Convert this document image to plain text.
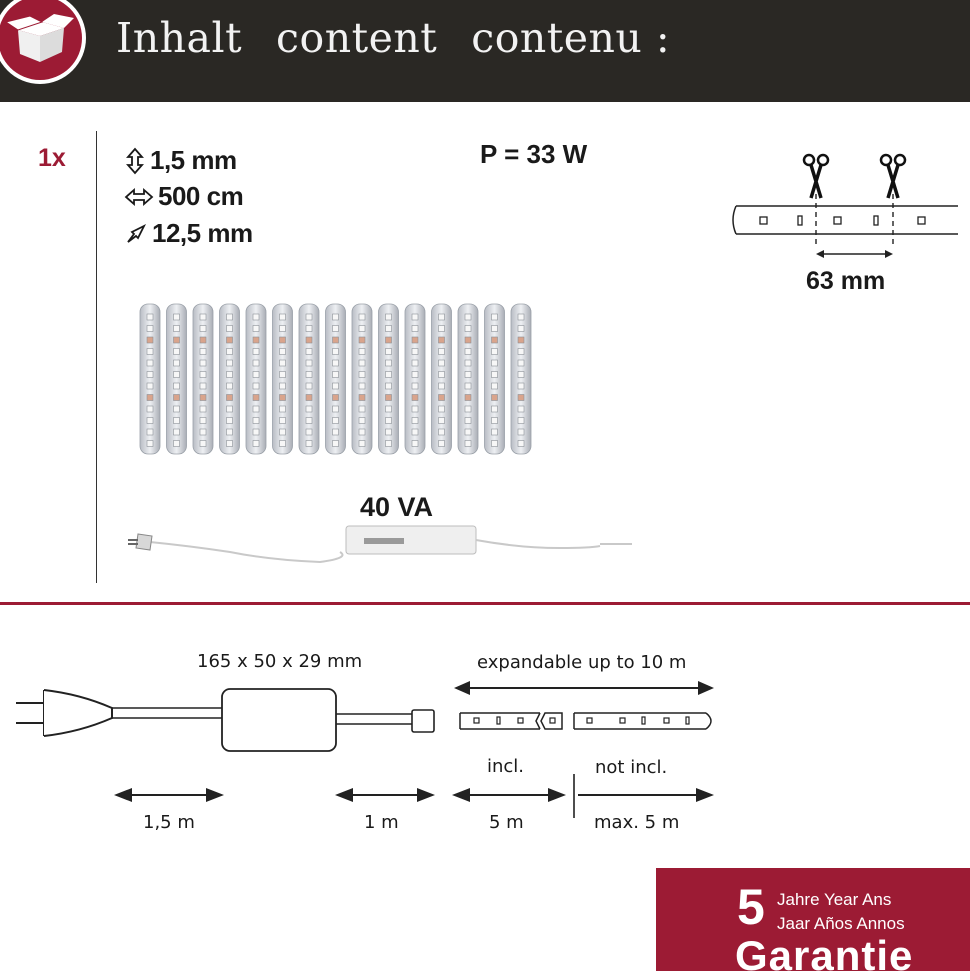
Inhalt content contenu :
1x	1,5 mm
500 cm
12,5 mm
P = 33 W
63 mm
40 VA
165 x 50 x 29 mm	expandable up to 10 m
incl.	not incl.
1,5 m	1 m	5 m	max. 5 m
5 Jahre Year Ans
Jaar Años Annos
Garantie
